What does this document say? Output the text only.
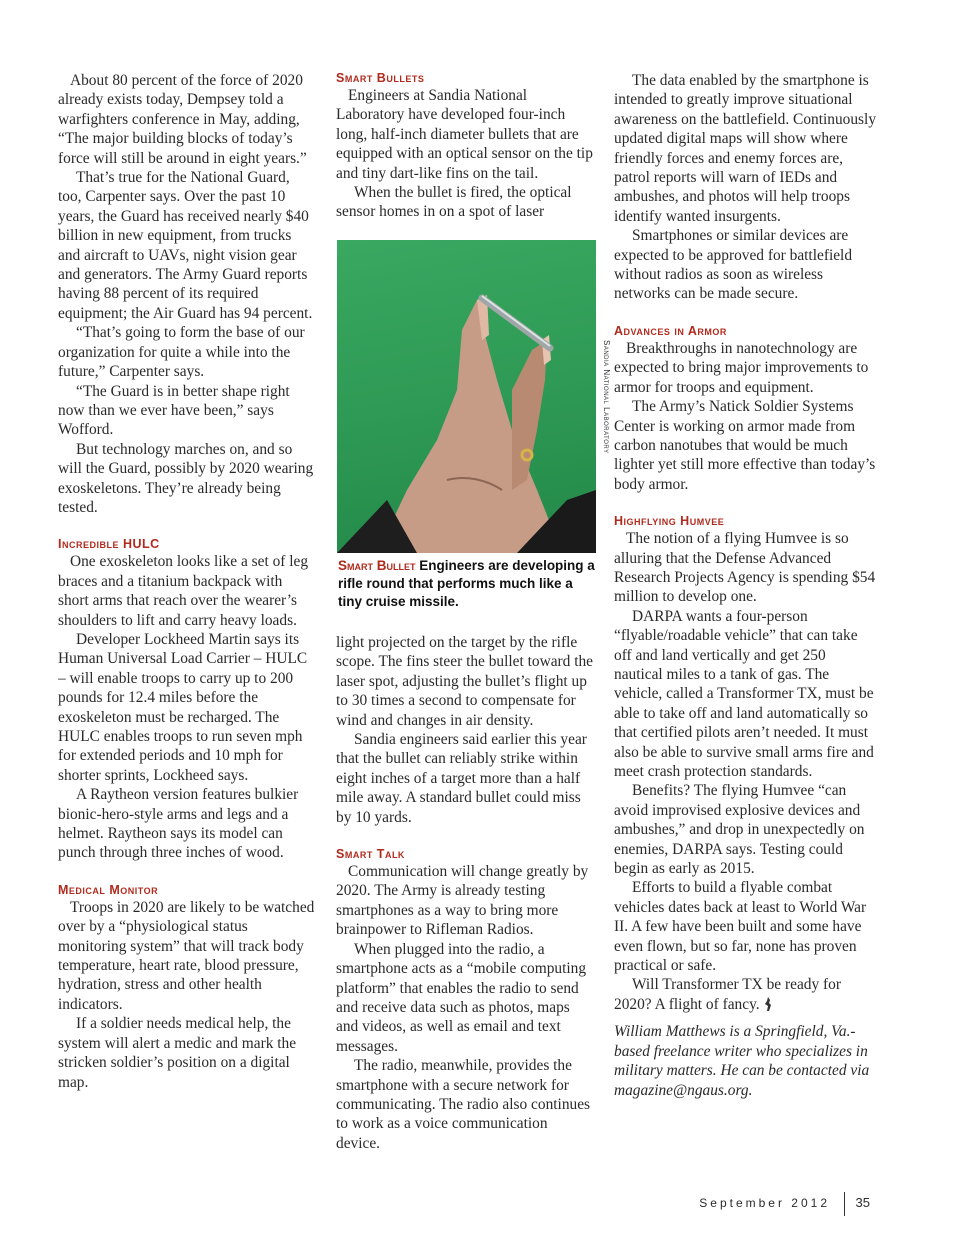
About 80 percent of the force of 2020 already exists today, Dempsey told a warfighters conference in May, adding, “The major building blocks of today’s force will still be around in eight years.”

That’s true for the National Guard, too, Carpenter says. Over the past 10 years, the Guard has received nearly $40 billion in new equipment, from trucks and aircraft to UAVs, night vision gear and generators. The Army Guard reports having 88 percent of its required equipment; the Air Guard has 94 percent.

“That’s going to form the base of our organization for quite a while into the future,” Carpenter says.

“The Guard is in better shape right now than we ever have been,” says Wofford.

But technology marches on, and so will the Guard, possibly by 2020 wearing exoskeletons. They’re already being tested.

Incredible HULC

One exoskeleton looks like a set of leg braces and a titanium backpack with short arms that reach over the wearer’s shoulders to lift and carry heavy loads.

Developer Lockheed Martin says its Human Universal Load Carrier – HULC – will enable troops to carry up to 200 pounds for 12.4 miles before the exoskeleton must be recharged. The HULC enables troops to run seven mph for extended periods and 10 mph for shorter sprints, Lockheed says.

A Raytheon version features bulkier bionic-hero-style arms and legs and a helmet. Raytheon says its model can punch through three inches of wood.

Medical Monitor

Troops in 2020 are likely to be watched over by a “physiological status monitoring system” that will track body temperature, heart rate, blood pressure, hydration, stress and other health indicators.

If a soldier needs medical help, the system will alert a medic and mark the stricken soldier’s position on a digital map.

Smart Bullets

Engineers at Sandia National Laboratory have developed four-inch long, half-inch diameter bullets that are equipped with an optical sensor on the tip and tiny dart-like fins on the tail.

When the bullet is fired, the optical sensor homes in on a spot of laser

Sandia National Laboratory
Smart Bullet Engineers are developing a rifle round that performs much like a tiny cruise missile.

light projected on the target by the rifle scope. The fins steer the bullet toward the laser spot, adjusting the bullet’s flight up to 30 times a second to compensate for wind and changes in air density.

Sandia engineers said earlier this year that the bullet can reliably strike within eight inches of a target more than a half mile away. A standard bullet could miss by 10 yards.

Smart Talk

Communication will change greatly by 2020. The Army is already testing smartphones as a way to bring more brainpower to Rifleman Radios.

When plugged into the radio, a smartphone acts as a “mobile computing platform” that enables the radio to send and receive data such as photos, maps and videos, as well as email and text messages.

The radio, meanwhile, provides the smartphone with a secure network for communicating. The radio also continues to work as a voice communication device.

The data enabled by the smartphone is intended to greatly improve situational awareness on the battlefield. Continuously updated digital maps will show where friendly forces and enemy forces are, patrol reports will warn of IEDs and ambushes, and photos will help troops identify wanted insurgents.

Smartphones or similar devices are expected to be approved for battlefield without radios as soon as wireless networks can be made secure.

Advances in Armor

Breakthroughs in nanotechnology are expected to bring major improvements to armor for troops and equipment.

The Army’s Natick Soldier Systems Center is working on armor made from carbon nanotubes that would be much lighter yet still more effective than today’s body armor.

Highflying Humvee

The notion of a flying Humvee is so alluring that the Defense Advanced Research Projects Agency is spending $54 million to develop one.

DARPA wants a four-person “flyable/roadable vehicle” that can take off and land vertically and get 250 nautical miles to a tank of gas. The vehicle, called a Transformer TX, must be able to take off and land automatically so that certified pilots aren’t needed. It must also be able to survive small arms fire and meet crash protection standards.

Benefits? The flying Humvee “can avoid improvised explosive devices and ambushes,” and drop in unexpectedly on enemies, DARPA says. Testing could begin as early as 2015.

Efforts to build a flyable combat vehicles dates back at least to World War II. A few have been built and some have even flown, but so far, none has proven practical or safe.

Will Transformer TX be ready for 2020? A flight of fancy.

William Matthews is a Springfield, Va.-based freelance writer who specializes in military matters. He can be contacted via magazine@ngaus.org.

September 2012 35
